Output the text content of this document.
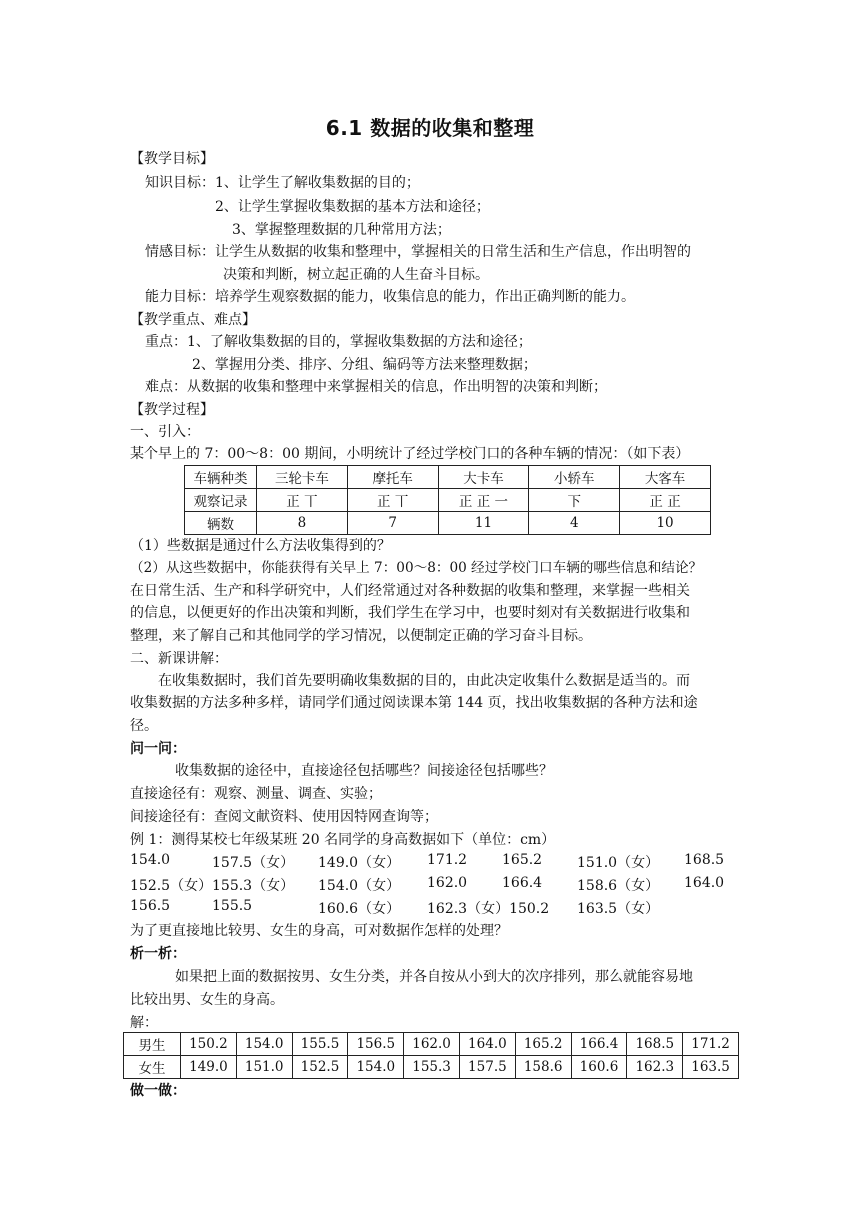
6.1 数据的收集和整理
【教学目标】
知识目标：1、让学生了解收集数据的目的；
2、让学生掌握收集数据的基本方法和途径；
3、掌握整理数据的几种常用方法；
情感目标：让学生从数据的收集和整理中，掌握相关的日常生活和生产信息，作出明智的
决策和判断，树立起正确的人生奋斗目标。
能力目标：培养学生观察数据的能力，收集信息的能力，作出正确判断的能力。
【教学重点、难点】
重点：1、了解收集数据的目的，掌握收集数据的方法和途径；
2、掌握用分类、排序、分组、编码等方法来整理数据；
难点：从数据的收集和整理中来掌握相关的信息，作出明智的决策和判断；
【教学过程】
一、引入：
某个早上的 7：00～8：00 期间，小明统计了经过学校门口的各种车辆的情况：（如下表）
车辆种类	三轮卡车	摩托车	大卡车	小轿车	大客车
观察记录	正 丅	正 丅	正 正 一	下	正 正
辆数	8	7	11	4	10
（1）些数据是通过什么方法收集得到的？
（2）从这些数据中，你能获得有关早上 7：00～8：00 经过学校门口车辆的哪些信息和结论？
在日常生活、生产和科学研究中，人们经常通过对各种数据的收集和整理，来掌握一些相关
的信息，以便更好的作出决策和判断，我们学生在学习中，也要时刻对有关数据进行收集和
整理，来了解自己和其他同学的学习情况，以便制定正确的学习奋斗目标。
二、新课讲解：
在收集数据时，我们首先要明确收集数据的目的，由此决定收集什么数据是适当的。而
收集数据的方法多种多样，请同学们通过阅读课本第 144 页，找出收集数据的各种方法和途
径。
问一问：
收集数据的途径中，直接途径包括哪些？间接途径包括哪些？
直接途径有：观察、测量、调查、实验；
间接途径有：查阅文献资料、使用因特网查询等；
例 1：测得某校七年级某班 20 名同学的身高数据如下（单位：cm）
154.0	157.5（女） 149.0（女） 171.2 165.2 151.0（女） 168.5
152.5（女） 155.3（女） 154.0（女） 162.0 166.4 158.6（女） 164.0
156.5	155.5	160.6（女） 162.3（女）150.2 163.5（女）
为了更直接地比较男、女生的身高，可对数据作怎样的处理？
析一析：
如果把上面的数据按男、女生分类，并各自按从小到大的次序排列，那么就能容易地
比较出男、女生的身高。
解：
男生	150.2	154.0	155.5	156.5	162.0	164.0	165.2	166.4	168.5	171.2
女生	149.0	151.0	152.5	154.0	155.3	157.5	158.6	160.6	162.3	163.5
做一做：
